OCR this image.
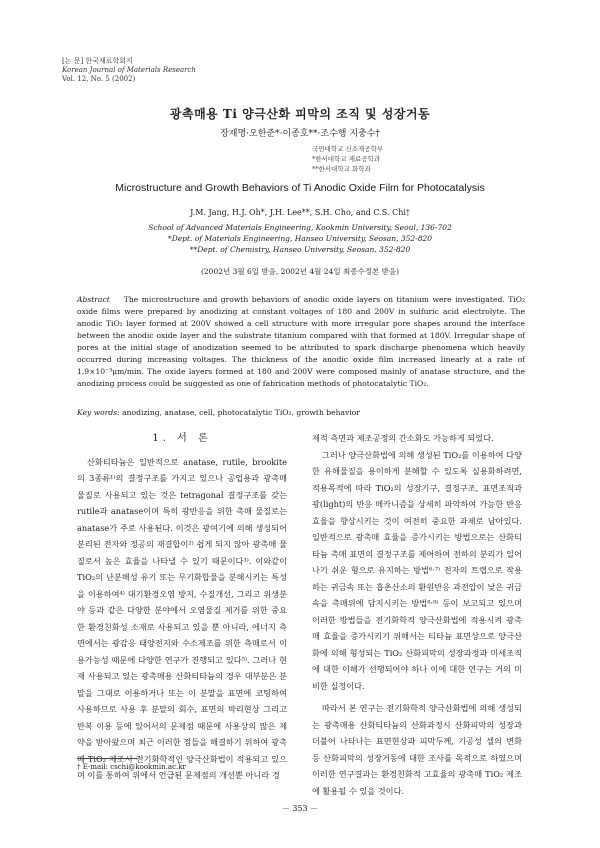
[논 문] 한국재료학회지
Korean Journal of Materials Research
Vol. 12, No. 5 (2002)
광촉매용 Ti 양극산화 피막의 조직 및 성장거동
장재명·오한준*·이종호**·조수행 지충수†
국민대학교 신소재공학부
*한서대학교 재료공학과
**한서대학교 화학과
Microstructure and Growth Behaviors of Ti Anodic Oxide Film for Photocatalysis
J.M. Jang, H.J. Oh*, J.H. Lee**, S.H. Cho, and C.S. Chi†
School of Advanced Materials Engineering, Kookmin University, Seoul, 136-702
*Dept. of Materials Engineering, Hanseo University, Seosan, 352-820
**Dept. of Chemistry, Hanseo University, Seosan, 352-820
(2002년 3월 6일 받음, 2002년 4월 24일 최종수정본 받음)
Abstract The microstructure and growth behaviors of anodic oxide layers on titanium were investigated. TiO₂ oxide films were prepared by anodizing at constant voltages of 180 and 200V in sulfuric acid electrolyte. The anodic TiO₂ layer formed at 200V showed a cell structure with more irregular pore shapes around the interface between the anodic oxide layer and the substrate titanium compared with that formed at 180V. Irregular shape of pores at the initial stage of anodization seemed to be attributed to spark discharge phenomena which heavily occurred during increasing voltages. The thickness of the anodic oxide film increased linearly at a rate of 1.9×10⁻³μm/min. The oxide layers formed at 180 and 200V were composed mainly of anatase structure, and the anodizing process could be suggested as one of fabrication methods of photocatalytic TiO₂.
Key words: anodizing, anatase, cell, photocatalytic TiO₂, growth behavior
1. 서 론

산화티타늄은 일반적으로 anatase, rutile, brookite의 3종류¹⁾의 결정구조를 가지고 있으나 공업용과 광촉매 물질로 사용되고 있는 것은 tetragonal 결정구조를 갖는 rutile과 anatase이며 특히 광반응을 위한 촉매 물질로는 anatase가 주로 사용된다. 이것은 광여기에 의해 생성되어 분리된 전자와 정공의 재결합이²⁾ 쉽게 되지 않아 광촉매 물질로서 높은 효율을 나타낼 수 있기 때문이다³⁾. 이와같이 TiO₂의 난분해성 유기 또는 무기화합물을 분해시키는 특성을 이용하여⁴⁾ 대기환경오염 방지, 수질개선, 그리고 위생분야 등과 같은 다양한 분야에서 오염물질 제거를 위한 중요한 환경친화성 소재로 사용되고 있을 뿐 아니라, 에너지 측면에서는 광감응 태양전지와 수소제조를 위한 측매로서 이용가능성 때문에 다양한 연구가 진행되고 있다⁵⁾. 그러나 현재 사용되고 있는 광촉매용 산화티타늄의 경우 대부분은 분말을 그대로 이용하거나 또는 이 분말을 표면에 코팅하여 사용하므로 사용 후 분말의 회수, 표면의 박리현상 그리고 반복 이용 등에 있어서의 문제점 때문에 사용상의 많은 제약을 받아왔으며 최근 이러한 점들을 해결하기 위하여 광촉매 TiO₂ 제조시 전기화학적인 양극산화법이 적용되고 있으며 이를 통하여 위에서 언급된 문제점의 개선뿐 아니라 경

제적 측면과 제조공정의 간소화도 가능하게 되었다.

그러나 양극산화법에 의해 생성된 TiO₂를 이용하여 다양한 유해물질을 용이하게 분해할 수 있도록 실용화하려면, 적용목적에 따라 TiO₂의 성장기구, 결정구조, 표면조직과 광(light)의 반응 메카니즘을 상세히 파악하여 가능한 반응효율을 향상시키는 것이 여전히 중요한 과제로 남아있다. 일반적으로 광촉매 효율을 증가시키는 방법으로는 산화티타늄 촉매 표면의 결정구조를 제어하여 전하의 분리가 일어나기 쉬운 형으로 유지하는 방법⁶·⁷⁾ 전자의 트랩으로 작용하는 귀금속 또는 흡촌산소의 환원반응 과전압이 낮은 귀금속을 촉매위에 담지시키는 방법⁸·⁹⁾ 등이 보고되고 있으며 이러한 방법들을 전기화학적 양극산화법에 적용시켜 광촉매 효율을 증가시키기 위해서는 티타늄 표면상으로 양극산화에 의해 형성되는 TiO₂ 산화피막의 성장과정과 미세조직에 대한 이해가 선행되어야 하나 이에 대한 연구는 거의 미비한 실정이다.

따라서 본 연구는 전기화학적 양극산화법에 의해 생성되는 광촉매용 산화티타늄의 산화과정시 산화피막의 성장과 더불어 나타나는 표면현상과 피막두께, 기공성 셀의 변화 등 산화피막의 성장거동에 대한 조사를 목적으로 하였으며 이러한 연구결과는 환경친화적 고효율의 광촉매 TiO₂ 제조에 활용될 수 있을 것이다.

† E-mail: cschi@kookmin.ac.kr
－ 353 －
